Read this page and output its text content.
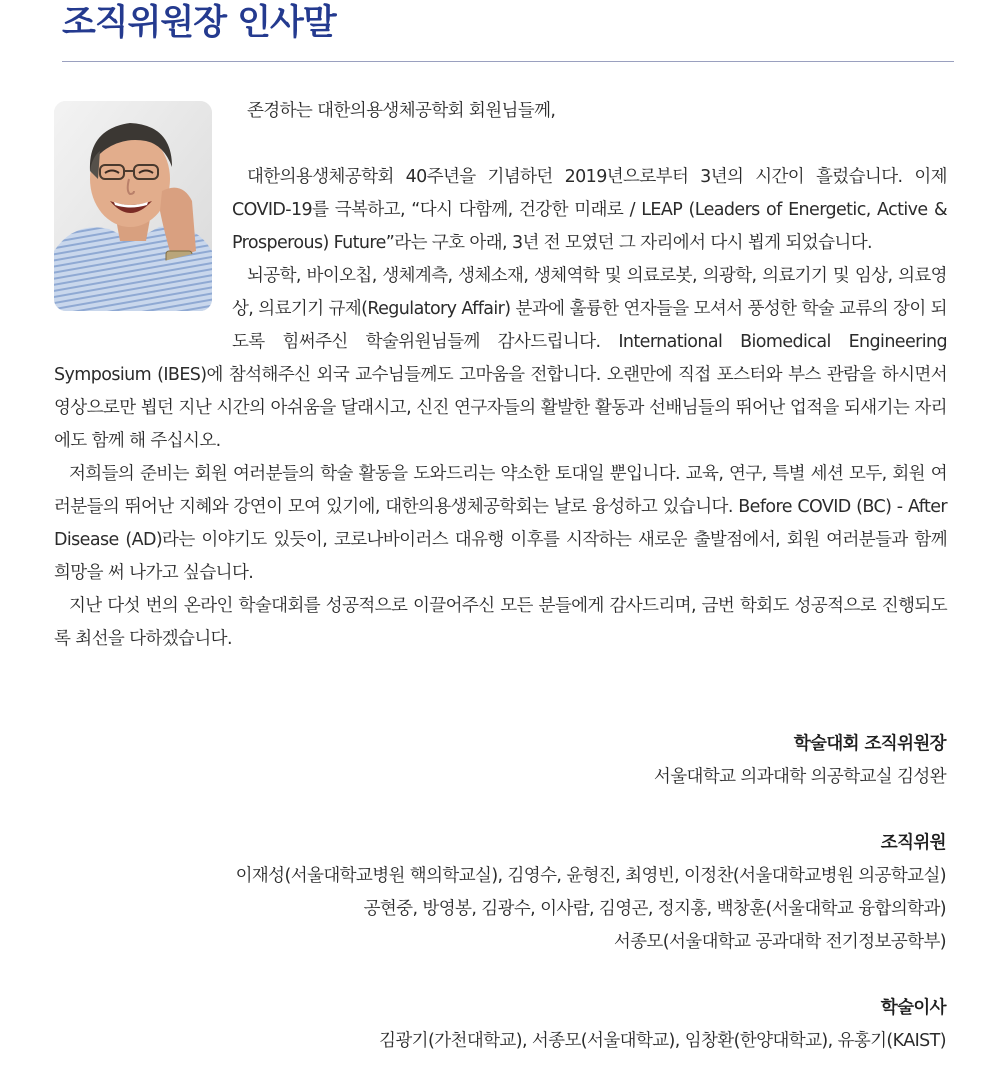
조직위원장 인사말

존경하는 대한의용생체공학회 회원님들께,

대한의용생체공학회 40주년을 기념하던 2019년으로부터 3년의 시간이 흘렀습니다. 이제 COVID-19를 극복하고, “다시 다함께, 건강한 미래로 / LEAP (Leaders of Energetic, Active & Prosperous) Future”라는 구호 아래, 3년 전 모였던 그 자리에서 다시 뵙게 되었습니다.

뇌공학, 바이오칩, 생체계측, 생체소재, 생체역학 및 의료로봇, 의광학, 의료기기 및 임상, 의료영상, 의료기기 규제(Regulatory Affair) 분과에 훌륭한 연자들을 모셔서 풍성한 학술 교류의 장이 되도록 힘써주신 학술위원님들께 감사드립니다. International Biomedical Engineering Symposium (IBES)에 참석해주신 외국 교수님들께도 고마움을 전합니다. 오랜만에 직접 포스터와 부스 관람을 하시면서 영상으로만 뵙던 지난 시간의 아쉬움을 달래시고, 신진 연구자들의 활발한 활동과 선배님들의 뛰어난 업적을 되새기는 자리에도 함께 해 주십시오.

저희들의 준비는 회원 여러분들의 학술 활동을 도와드리는 약소한 토대일 뿐입니다. 교육, 연구, 특별 세션 모두, 회원 여러분들의 뛰어난 지혜와 강연이 모여 있기에, 대한의용생체공학회는 날로 융성하고 있습니다. Before COVID (BC) - After Disease (AD)라는 이야기도 있듯이, 코로나바이러스 대유행 이후를 시작하는 새로운 출발점에서, 회원 여러분들과 함께 희망을 써 나가고 싶습니다.

지난 다섯 번의 온라인 학술대회를 성공적으로 이끌어주신 모든 분들에게 감사드리며, 금번 학회도 성공적으로 진행되도록 최선을 다하겠습니다.

학술대회 조직위원장
서울대학교 의과대학 의공학교실 김성완
조직위원
이재성(서울대학교병원 핵의학교실), 김영수, 윤형진, 최영빈, 이정찬(서울대학교병원 의공학교실)
공현중, 방영봉, 김광수, 이사람, 김영곤, 정지홍, 백창훈(서울대학교 융합의학과)
서종모(서울대학교 공과대학 전기정보공학부)
학술이사
김광기(가천대학교), 서종모(서울대학교), 임창환(한양대학교), 유홍기(KAIST)
